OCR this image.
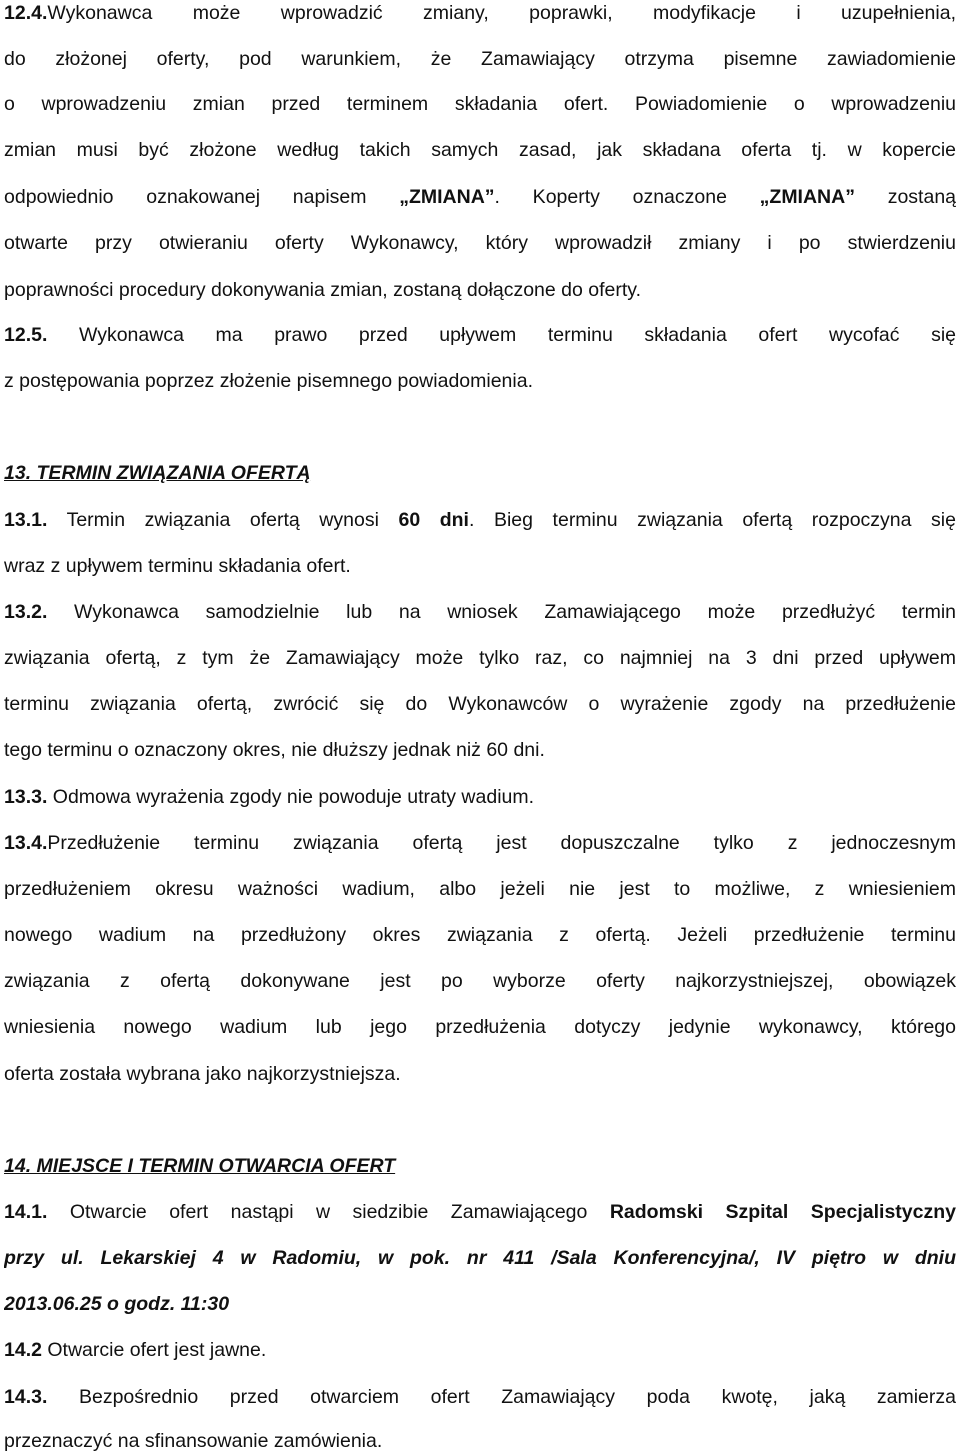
12.4.Wykonawca może wprowadzić zmiany, poprawki, modyfikacje i uzupełnienia,
do złożonej oferty, pod warunkiem, że Zamawiający otrzyma pisemne zawiadomienie
o wprowadzeniu zmian przed terminem składania ofert. Powiadomienie o wprowadzeniu
zmian musi być złożone według takich samych zasad, jak składana oferta tj. w kopercie
odpowiednio oznakowanej napisem „ZMIANA”. Koperty oznaczone „ZMIANA” zostaną
otwarte przy otwieraniu oferty Wykonawcy, który wprowadził zmiany i po stwierdzeniu
poprawności procedury dokonywania zmian, zostaną dołączone do oferty.
12.5. Wykonawca ma prawo przed upływem terminu składania ofert wycofać się
z postępowania poprzez złożenie pisemnego powiadomienia.
13. TERMIN ZWIĄZANIA OFERTĄ
13.1. Termin związania ofertą wynosi 60 dni. Bieg terminu związania ofertą rozpoczyna się
wraz z upływem terminu składania ofert.
13.2. Wykonawca samodzielnie lub na wniosek Zamawiającego może przedłużyć termin
związania ofertą, z tym że Zamawiający może tylko raz, co najmniej na 3 dni przed upływem
terminu związania ofertą, zwrócić się do Wykonawców o wyrażenie zgody na przedłużenie
tego terminu o oznaczony okres, nie dłuższy jednak niż 60 dni.
13.3. Odmowa wyrażenia zgody nie powoduje utraty wadium.
13.4.Przedłużenie terminu związania ofertą jest dopuszczalne tylko z jednoczesnym
przedłużeniem okresu ważności wadium, albo jeżeli nie jest to możliwe, z wniesieniem
nowego wadium na przedłużony okres związania z ofertą. Jeżeli przedłużenie terminu
związania z ofertą dokonywane jest po wyborze oferty najkorzystniejszej, obowiązek
wniesienia nowego wadium lub jego przedłużenia dotyczy jedynie wykonawcy, którego
oferta została wybrana jako najkorzystniejsza.
14. MIEJSCE I TERMIN OTWARCIA OFERT
14.1. Otwarcie ofert nastąpi w siedzibie Zamawiającego Radomski Szpital Specjalistyczny
przy ul. Lekarskiej 4 w Radomiu, w pok. nr 411 /Sala Konferencyjna/, IV piętro w dniu
2013.06.25 o godz. 11:30
14.2 Otwarcie ofert jest jawne.
14.3. Bezpośrednio przed otwarciem ofert Zamawiający poda kwotę, jaką zamierza
przeznaczyć na sfinansowanie zamówienia.
